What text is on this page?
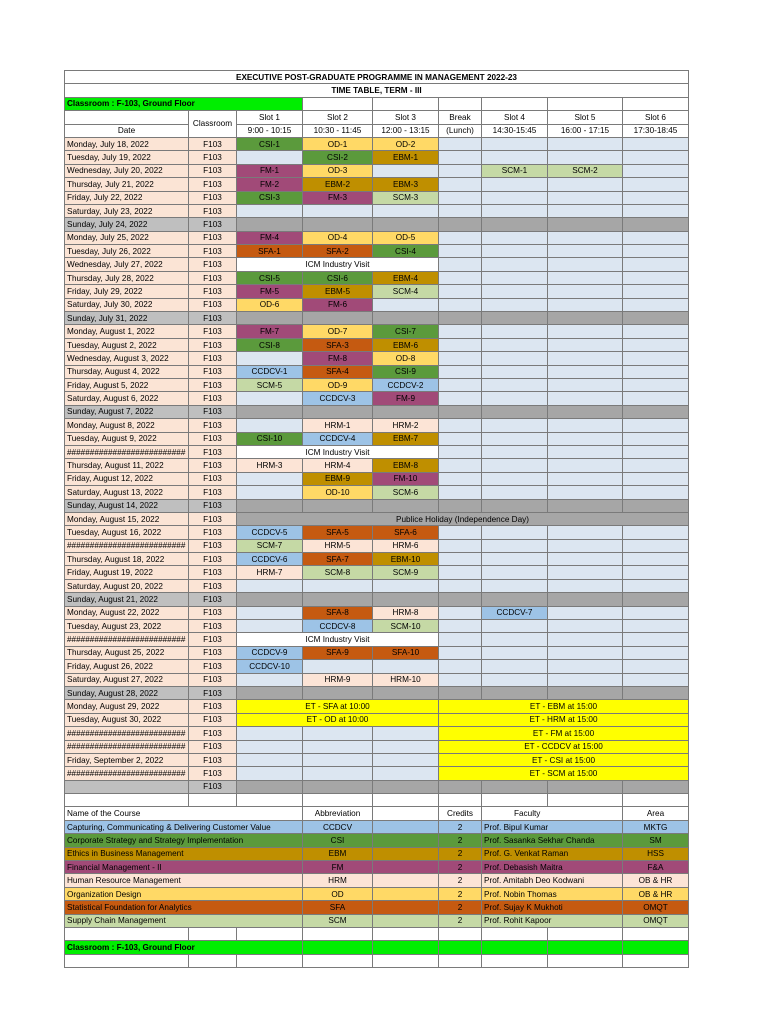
EXECUTIVE POST-GRADUATE PROGRAMME IN MANAGEMENT 2022-23								
TIME TABLE, TERM - III								
Classroom : F-103, Ground Floor								
	Classroom	Slot 1	Slot 2	Slot 3	Break	Slot 4	Slot 5	Slot 6
Date		9:00 - 10:15	10:30 - 11:45	12:00 - 13:15	(Lunch)	14:30-15:45	16:00 - 17:15	17:30-18:45
Monday, July 18, 2022	F103	CSI-1	OD-1	OD-2				
Tuesday, July 19, 2022	F103		CSI-2	EBM-1				
Wednesday, July 20, 2022	F103	FM-1	OD-3			SCM-1	SCM-2	
Thursday, July 21, 2022	F103	FM-2	EBM-2	EBM-3				
Friday, July 22, 2022	F103	CSI-3	FM-3	SCM-3				
Saturday, July 23, 2022	F103							
Sunday, July 24, 2022	F103							
Monday, July 25, 2022	F103	FM-4	OD-4	OD-5				
Tuesday, July 26, 2022	F103	SFA-1	SFA-2	CSI-4				
Wednesday, July 27, 2022	F103	ICM Industry Visit						
Thursday, July 28, 2022	F103	CSI-5	CSI-6	EBM-4				
Friday, July 29, 2022	F103	FM-5	EBM-5	SCM-4				
Saturday, July 30, 2022	F103	OD-6	FM-6					
Sunday, July 31, 2022	F103							
Monday, August 1, 2022	F103	FM-7	OD-7	CSI-7				
Tuesday, August 2, 2022	F103	CSI-8	SFA-3	EBM-6				
Wednesday, August 3, 2022	F103		FM-8	OD-8				
Thursday, August 4, 2022	F103	CCDCV-1	SFA-4	CSI-9				
Friday, August 5, 2022	F103	SCM-5	OD-9	CCDCV-2				
Saturday, August 6, 2022	F103		CCDCV-3	FM-9				
Sunday, August 7, 2022	F103							
Monday, August 8, 2022	F103		HRM-1	HRM-2				
Tuesday, August 9, 2022	F103	CSI-10	CCDCV-4	EBM-7				
##########################	F103	ICM Industry Visit						
Thursday, August 11, 2022	F103	HRM-3	HRM-4	EBM-8				
Friday, August 12, 2022	F103		EBM-9	FM-10				
Saturday, August 13, 2022	F103		OD-10	SCM-6				
Sunday, August 14, 2022	F103							
Monday, August 15, 2022	F103	Publice Holiday (Independence Day)						
Tuesday, August 16, 2022	F103	CCDCV-5	SFA-5	SFA-6				
##########################	F103	SCM-7	HRM-5	HRM-6				
Thursday, August 18, 2022	F103	CCDCV-6	SFA-7	EBM-10				
Friday, August 19, 2022	F103	HRM-7	SCM-8	SCM-9				
Saturday, August 20, 2022	F103							
Sunday, August 21, 2022	F103							
Monday, August 22, 2022	F103		SFA-8	HRM-8		CCDCV-7		
Tuesday, August 23, 2022	F103		CCDCV-8	SCM-10				
##########################	F103	ICM Industry Visit						
Thursday, August 25, 2022	F103	CCDCV-9	SFA-9	SFA-10				
Friday, August 26, 2022	F103	CCDCV-10						
Saturday, August 27, 2022	F103		HRM-9	HRM-10				
Sunday, August 28, 2022	F103							
Monday, August 29, 2022	F103	ET - SFA at 10:00			ET - EBM at 15:00			
Tuesday, August 30, 2022	F103	ET - OD at 10:00			ET - HRM at 15:00			
##########################	F103				ET - FM at 15:00			
##########################	F103				ET - CCDCV at 15:00			
Friday, September 2, 2022	F103				ET - CSI at 15:00			
##########################	F103				ET - SCM at 15:00			
	F103							

Name of the Course			Abbreviation		Credits	Faculty		Area
Capturing, Communicating & Delivering Customer Value			CCDCV		2	Prof. Bipul Kumar		MKTG
Corporate Strategy and Strategy Implementation			CSI		2	Prof. Sasanka Sekhar Chanda		SM
Ethics in Business Management			EBM		2	Prof. G. Venkat Raman		HSS
Financial Management - II			FM		2	Prof. Debasish Maitra		F&A
Human Resource Management			HRM		2	Prof. Amitabh Deo Kodwani		OB & HR
Organization Design			OD		2	Prof. Nobin Thomas		OB & HR
Statistical Foundation for Analytics			SFA		2	Prof. Sujay K Mukhoti		OMQT
Supply Chain Management			SCM		2	Prof. Rohit Kapoor		OMQT

Classroom : F-103, Ground Floor								
